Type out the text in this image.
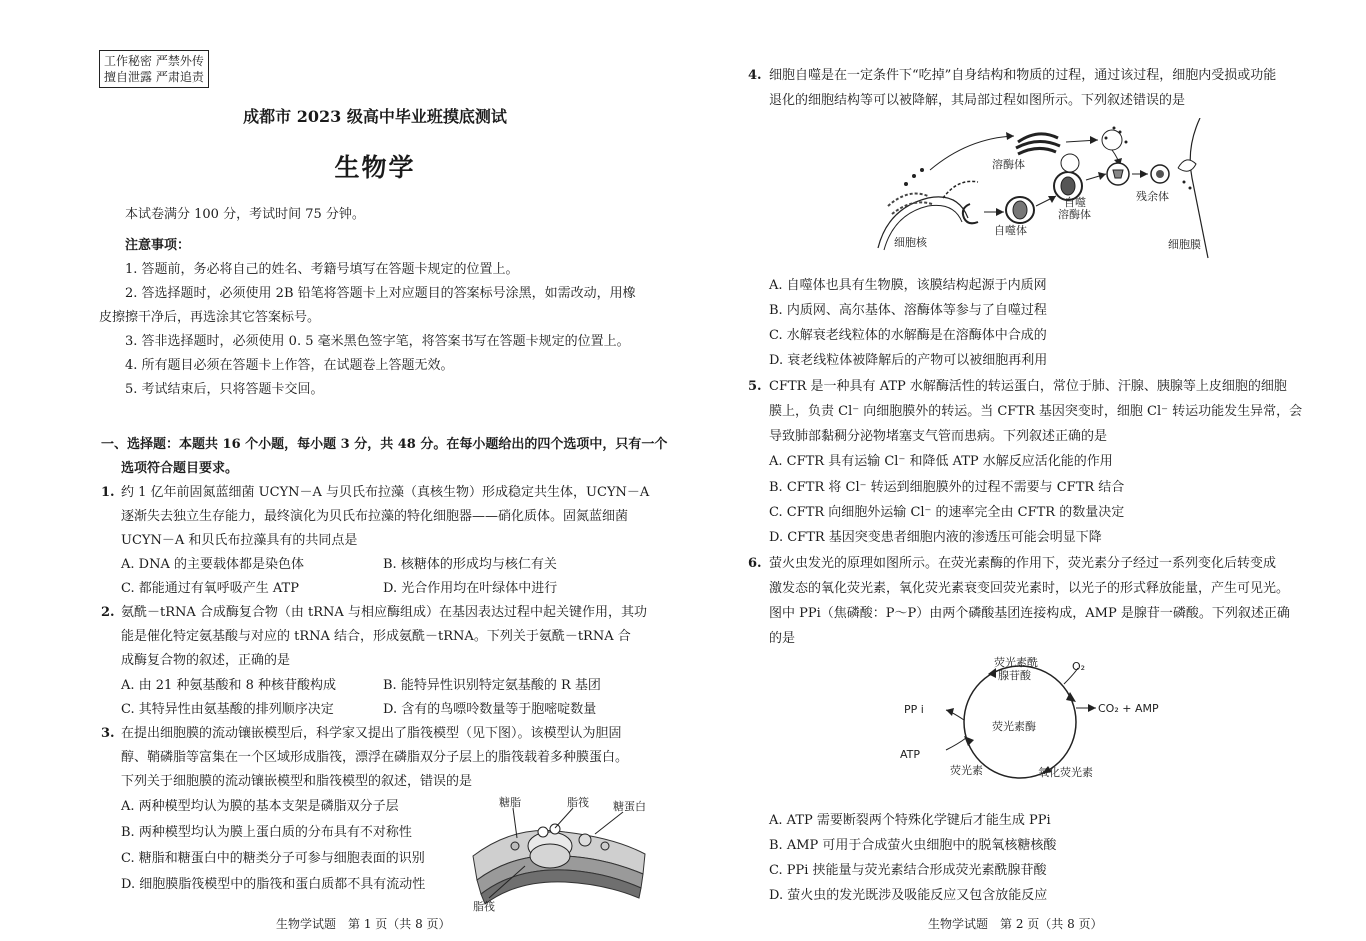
工作秘密 严禁外传
擅自泄露 严肃追责
成都市 2023 级高中毕业班摸底测试
生物学
本试卷满分 100 分，考试时间 75 分钟。
注意事项：
1. 答题前，务必将自己的姓名、考籍号填写在答题卡规定的位置上。
2. 答选择题时，必须使用 2B 铅笔将答题卡上对应题目的答案标号涂黑，如需改动，用橡
皮擦擦干净后，再选涂其它答案标号。
3. 答非选择题时，必须使用 0. 5 毫米黑色签字笔，将答案书写在答题卡规定的位置上。
4. 所有题目必须在答题卡上作答，在试题卷上答题无效。
5. 考试结束后，只将答题卡交回。
一、选择题：本题共 16 个小题，每小题 3 分，共 48 分。在每小题给出的四个选项中，只有一个
选项符合题目要求。
1. 约 1 亿年前固氮蓝细菌 UCYN－A 与贝氏布拉藻（真核生物）形成稳定共生体，UCYN－A
逐渐失去独立生存能力，最终演化为贝氏布拉藻的特化细胞器——硝化质体。固氮蓝细菌
UCYN－A 和贝氏布拉藻具有的共同点是
A. DNA 的主要载体都是染色体	B. 核糖体的形成均与核仁有关
C. 都能通过有氧呼吸产生 ATP	D. 光合作用均在叶绿体中进行
2. 氨酰－tRNA 合成酶复合物（由 tRNA 与相应酶组成）在基因表达过程中起关键作用，其功
能是催化特定氨基酸与对应的 tRNA 结合，形成氨酰－tRNA。下列关于氨酰－tRNA 合
成酶复合物的叙述，正确的是
A. 由 21 种氨基酸和 8 种核苷酸构成	B. 能特异性识别特定氨基酸的 R 基团
C. 其特异性由氨基酸的排列顺序决定	D. 含有的鸟嘌呤数量等于胞嘧啶数量
3. 在提出细胞膜的流动镶嵌模型后，科学家又提出了脂筏模型（见下图）。该模型认为胆固
醇、鞘磷脂等富集在一个区域形成脂筏，漂浮在磷脂双分子层上的脂筏载着多种膜蛋白。
下列关于细胞膜的流动镶嵌模型和脂筏模型的叙述，错误的是
A. 两种模型均认为膜的基本支架是磷脂双分子层
B. 两种模型均认为膜上蛋白质的分布具有不对称性
C. 糖脂和糖蛋白中的糖类分子可参与细胞表面的识别
D. 细胞膜脂筏模型中的脂筏和蛋白质都不具有流动性
糖脂	脂筏 糖蛋白
脂筏
生物学试题　第 1 页（共 8 页）
4. 细胞自噬是在一定条件下“吃掉”自身结构和物质的过程，通过该过程，细胞内受损或功能
退化的细胞结构等可以被降解，其局部过程如图所示。下列叙述错误的是
溶酶体
自噬
溶酶体
残余体
细胞核
自噬体
细胞膜
A. 自噬体也具有生物膜，该膜结构起源于内质网
B. 内质网、高尔基体、溶酶体等参与了自噬过程
C. 水解衰老线粒体的水解酶是在溶酶体中合成的
D. 衰老线粒体被降解后的产物可以被细胞再利用
5. CFTR 是一种具有 ATP 水解酶活性的转运蛋白，常位于肺、汗腺、胰腺等上皮细胞的细胞
膜上，负责 Cl⁻ 向细胞膜外的转运。当 CFTR 基因突变时，细胞 Cl⁻ 转运功能发生异常，会
导致肺部黏稠分泌物堵塞支气管而患病。下列叙述正确的是
A. CFTR 具有运输 Cl⁻ 和降低 ATP 水解反应活化能的作用
B. CFTR 将 Cl⁻ 转运到细胞膜外的过程不需要与 CFTR 结合
C. CFTR 向细胞外运输 Cl⁻ 的速率完全由 CFTR 的数量决定
D. CFTR 基因突变患者细胞内液的渗透压可能会明显下降
6. 萤火虫发光的原理如图所示。在荧光素酶的作用下，荧光素分子经过一系列变化后转变成
激发态的氧化荧光素，氧化荧光素衰变回荧光素时，以光子的形式释放能量，产生可见光。
图中 PPi（焦磷酸：P～P）由两个磷酸基团连接构成，AMP 是腺苷一磷酸。下列叙述正确
的是
荧光素酰
腺苷酸
O₂
CO₂ + AMP
PP i
荧光素酶
ATP
荧光素	氧化荧光素
A. ATP 需要断裂两个特殊化学键后才能生成 PPi
B. AMP 可用于合成萤火虫细胞中的脱氧核糖核酸
C. PPi 挟能量与荧光素结合形成荧光素酰腺苷酸
D. 萤火虫的发光既涉及吸能反应又包含放能反应
生物学试题　第 2 页（共 8 页）
